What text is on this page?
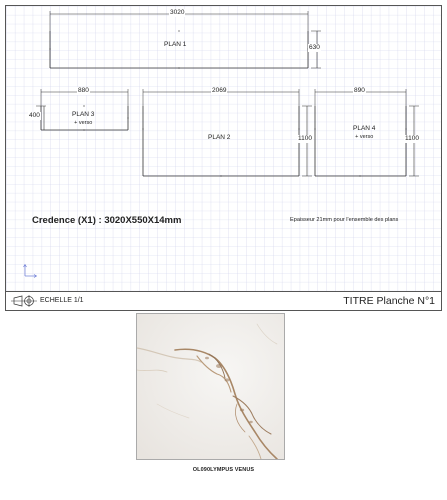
3020
630
PLAN 1
880
400	PLAN 3
+ verso
2069
1100
PLAN 2
890
1100
PLAN 4
+ verso
Credence (X1) : 3020X550X14mm	Epaisseur 21mm pour l'ensemble des plans
ECHELLE 1/1	TITRE Planche N°1
OL090LYMPUS VENUS
